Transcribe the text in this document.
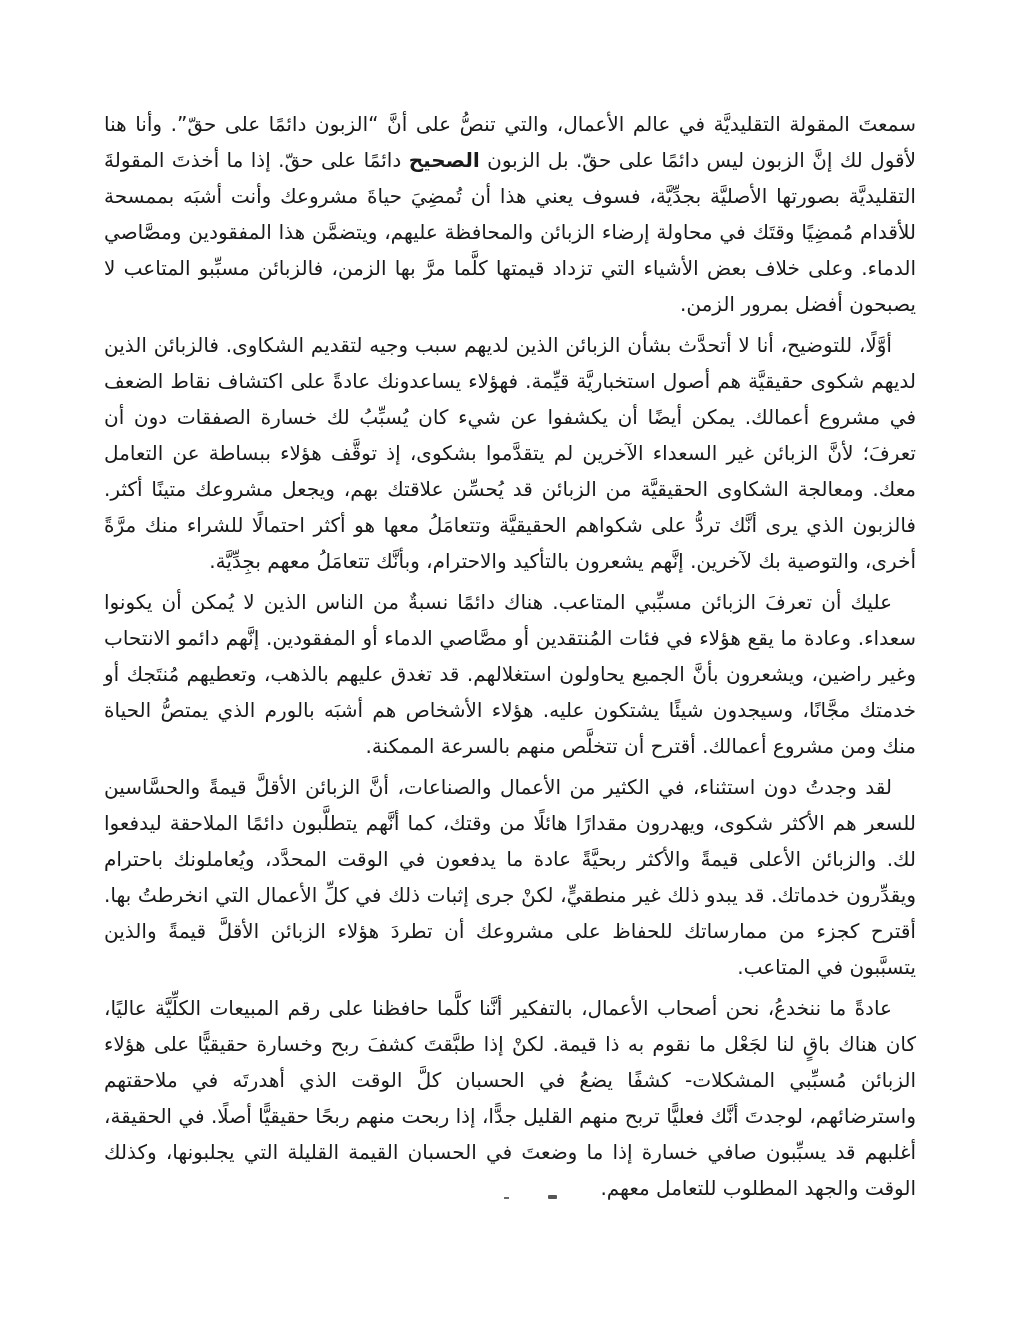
سمعتَ المقولة التقليديَّة في عالم الأعمال، والتي تنصُّ على أنَّ “الزبون دائمًا على حقّ”. وأنا هنا لأقول لك إنَّ الزبون ليس دائمًا على حقّ. بل الزبون الصحيح دائمًا على حقّ. إذا ما أخذتَ المقولةَ التقليديَّة بصورتها الأصليَّة بجدِّيَّة، فسوف يعني هذا أن تُمضِيَ حياةَ مشروعك وأنت أشبَه بممسحة للأقدام مُمضِيًا وقتَك في محاولة إرضاء الزبائن والمحافظة عليهم، ويتضمَّن هذا المفقودين ومصَّاصي الدماء. وعلى خلاف بعض الأشياء التي تزداد قيمتها كلَّما مرَّ بها الزمن، فالزبائن مسبِّبو المتاعب لا يصبحون أفضل بمرور الزمن.

أوَّلًا، للتوضيح، أنا لا أتحدَّث بشأن الزبائن الذين لديهم سبب وجيه لتقديم الشكاوى. فالزبائن الذين لديهم شكوى حقيقيَّة هم أصول استخباريَّة قيِّمة. فهؤلاء يساعدونك عادةً على اكتشاف نقاط الضعف في مشروع أعمالك. يمكن أيضًا أن يكشفوا عن شيء كان يُسبِّبُ لك خسارة الصفقات دون أن تعرفَ؛ لأنَّ الزبائن غير السعداء الآخرين لم يتقدَّموا بشكوى، إذ توقَّف هؤلاء ببساطة عن التعامل معك. ومعالجة الشكاوى الحقيقيَّة من الزبائن قد يُحسِّن علاقتك بهم، ويجعل مشروعك متينًا أكثر. فالزبون الذي يرى أنَّك تردُّ على شكواهم الحقيقيَّة وتتعامَلُ معها هو أكثر احتمالًا للشراء منك مرَّةً أخرى، والتوصية بك لآخرين. إنَّهم يشعرون بالتأكيد والاحترام، وبأنَّك تتعامَلُ معهم بجِدِّيَّة.

عليك أن تعرفَ الزبائن مسبِّبي المتاعب. هناك دائمًا نسبةٌ من الناس الذين لا يُمكن أن يكونوا سعداء. وعادة ما يقع هؤلاء في فئات المُنتقدين أو مصَّاصي الدماء أو المفقودين. إنَّهم دائمو الانتحاب وغير راضين، ويشعرون بأنَّ الجميع يحاولون استغلالهم. قد تغدق عليهم بالذهب، وتعطيهم مُنتَجك أو خدمتك مجَّانًا، وسيجدون شيئًا يشتكون عليه. هؤلاء الأشخاص هم أشبَه بالورم الذي يمتصُّ الحياة منك ومن مشروع أعمالك. أقترح أن تتخلَّص منهم بالسرعة الممكنة.

لقد وجدتُ دون استثناء، في الكثير من الأعمال والصناعات، أنَّ الزبائن الأقلَّ قيمةً والحسَّاسين للسعر هم الأكثر شكوى، ويهدرون مقدارًا هائلًا من وقتك، كما أنَّهم يتطلَّبون دائمًا الملاحقة ليدفعوا لك. والزبائن الأعلى قيمةً والأكثر ربحيَّةً عادة ما يدفعون في الوقت المحدَّد، ويُعاملونك باحترام ويقدِّرون خدماتك. قد يبدو ذلك غير منطقيٍّ، لكنْ جرى إثبات ذلك في كلِّ الأعمال التي انخرطتُ بها. أقترح كجزء من ممارساتك للحفاظ على مشروعك أن تطردَ هؤلاء الزبائن الأقلَّ قيمةً والذين يتسبَّبون في المتاعب.

عادةً ما ننخدعُ، نحن أصحاب الأعمال، بالتفكير أنَّنا كلَّما حافظنا على رقم المبيعات الكلِّيَّة عاليًا، كان هناك باقٍ لنا لجَعْل ما نقوم به ذا قيمة. لكنْ إذا طبَّقتَ كشفَ ربح وخسارة حقيقيًّا على هؤلاء الزبائن مُسبِّبي المشكلات- كشفًا يضعُ في الحسبان كلَّ الوقت الذي أهدرتَه في ملاحقتهم واسترضائهم، لوجدتَ أنَّك فعليًّا تربح منهم القليل جدًّا، إذا ربحت منهم ربحًا حقيقيًّا أصلًا. في الحقيقة، أغلبهم قد يسبِّبون صافي خسارة إذا ما وضعتَ في الحسبان القيمة القليلة التي يجلبونها، وكذلك الوقت والجهد المطلوب للتعامل معهم.
